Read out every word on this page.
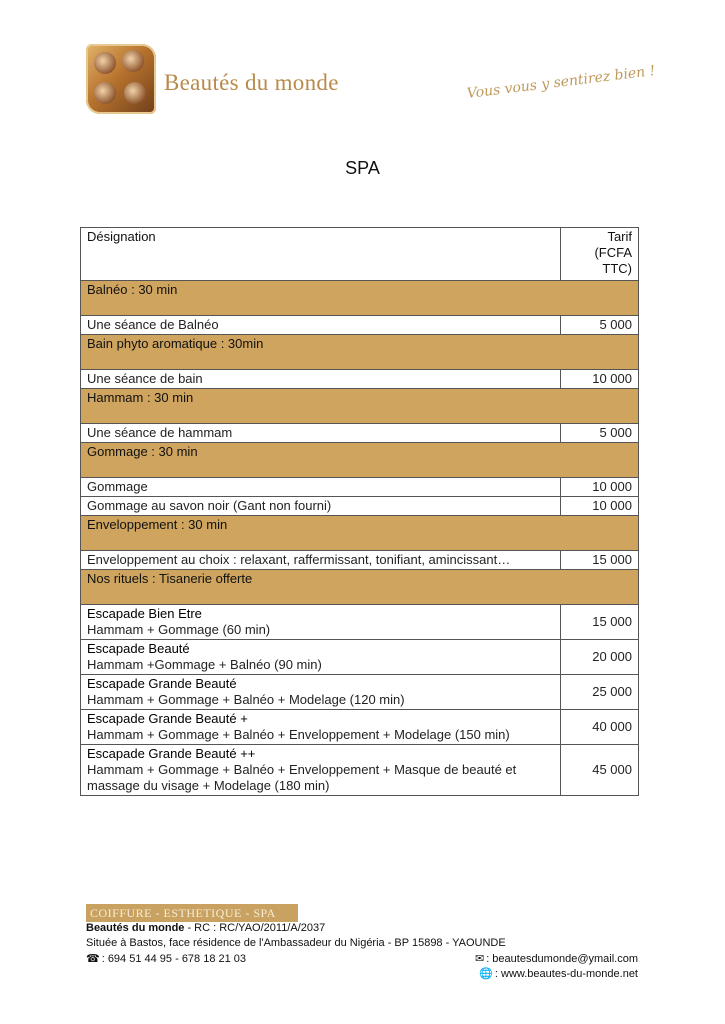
Beautés du monde	Vous vous y sentirez bien !
SPA
Désignation	Tarif
(FCFA
TTC)

Balnéo : 30 min	
Une séance de Balnéo	5 000
Bain phyto aromatique : 30min	
Une séance de bain	10 000
Hammam : 30 min	
Une séance de hammam	5 000
Gommage : 30 min	
Gommage	10 000
Gommage au savon noir (Gant non fourni)	10 000
Enveloppement : 30 min	
Enveloppement au choix : relaxant, raffermissant, tonifiant, amincissant…	15 000
Nos rituels : Tisanerie offerte	

Escapade Bien Etre
Hammam + Gommage (60 min)	15 000

Escapade Beauté
Hammam +Gommage + Balnéo (90 min)	20 000

Escapade Grande Beauté
Hammam + Gommage + Balnéo + Modelage (120 min)	25 000

Escapade Grande Beauté +
Hammam + Gommage + Balnéo + Enveloppement + Modelage (150 min)	40 000

Escapade Grande Beauté ++
Hammam + Gommage + Balnéo + Enveloppement + Masque de beauté et massage du visage + Modelage (180 min)	45 000
COIFFURE - ESTHETIQUE - SPA
Beautés du monde - RC : RC/YAO/2011/A/2037
Située à Bastos, face résidence de l'Ambassadeur du Nigéria - BP 15898 - YAOUNDE
☎ : 694 51 44 95 - 678 18 21 03	✉ : beautesdumonde@ymail.com
🌐 : www.beautes-du-monde.net
